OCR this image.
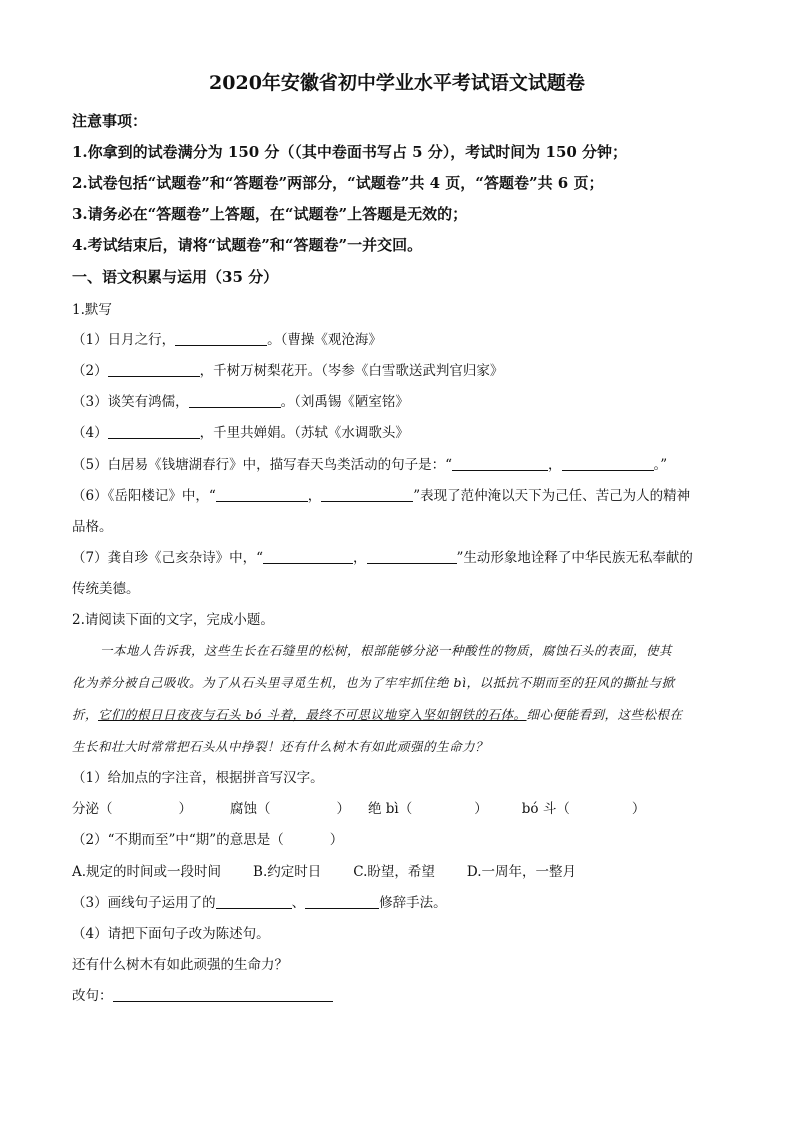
2020年安徽省初中学业水平考试语文试题卷
注意事项：
1.你拿到的试卷满分为 150 分（（其中卷面书写占 5 分），考试时间为 150 分钟；
2.试卷包括“试题卷”和“答题卷”两部分，“试题卷”共 4 页，“答题卷”共 6 页；
3.请务必在“答题卷”上答题，在“试题卷”上答题是无效的；
4.考试结束后，请将“试题卷”和“答题卷”一并交回。
一、语文积累与运用（35 分）
1.默写
（1）日月之行，	。（曹操《观沧海》
（2）	，千树万树梨花开。（岑参《白雪歌送武判官归家》
（3）谈笑有鸿儒，	。（刘禹锡《陋室铭》
（4）	，千里共婵娟。（苏轼《水调歌头》
（5）白居易《钱塘湖春行》中，描写春天鸟类活动的句子是：“	，	。”
（6）《岳阳楼记》中，“	，	”表现了范仲淹以天下为己任、苦己为人的精神
品格。
（7）龚自珍《己亥杂诗》中，“	，	”生动形象地诠释了中华民族无私奉献的
传统美德。
2.请阅读下面的文字，完成小题。
一本地人告诉我，这些生长在石缝里的松树，根部能够分泌一种酸性的物质，腐蚀石头的表面，使其
化为养分被自己吸收。为了从石头里寻觅生机，也为了牢牢抓住绝 bì，以抵抗不期而至的狂风的撕扯与掀
折，它们的根日日夜夜与石头 bó 斗着，最终不可思议地穿入坚如钢铁的石体。细心便能看到，这些松根在
生长和壮大时常常把石头从中挣裂！还有什么树木有如此顽强的生命力？
（1）给加点的字注音，根据拼音写汉字。
分泌（	）	腐蚀（	） 绝 bì（	）	bó 斗（	）
（2）“不期而至”中“期”的意思是（	）
A.规定的时间或一段时间 B.约定时日 C.盼望，希望 D.一周年，一整月
（3）画线句子运用了的	、	修辞手法。
（4）请把下面句子改为陈述句。
还有什么树木有如此顽强的生命力？
改句：
